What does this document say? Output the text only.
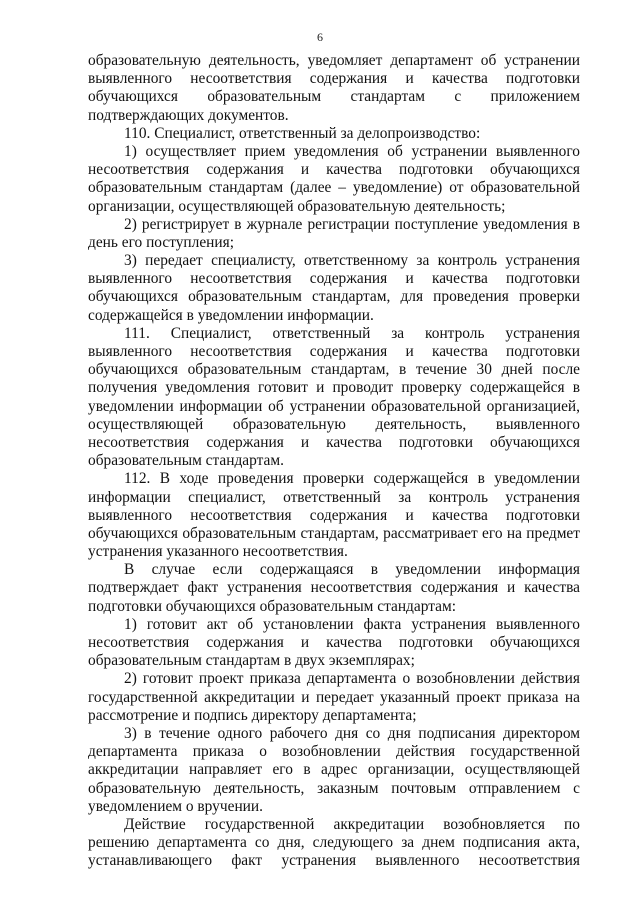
6
образовательную деятельность, уведомляет департамент об устранении
выявленного несоответствия содержания и качества подготовки
обучающихся образовательным стандартам с приложением
подтверждающих документов.
110. Специалист, ответственный за делопроизводство:
1) осуществляет прием уведомления об устранении выявленного
несоответствия содержания и качества подготовки обучающихся
образовательным стандартам (далее – уведомление) от образовательной
организации, осуществляющей образовательную деятельность;
2) регистрирует в журнале регистрации поступление уведомления в
день его поступления;
3) передает специалисту, ответственному за контроль устранения
выявленного несоответствия содержания и качества подготовки
обучающихся образовательным стандартам, для проведения проверки
содержащейся в уведомлении информации.
111. Специалист, ответственный за контроль устранения
выявленного несоответствия содержания и качества подготовки
обучающихся образовательным стандартам, в течение 30 дней после
получения уведомления готовит и проводит проверку содержащейся в
уведомлении информации об устранении образовательной организацией,
осуществляющей образовательную деятельность, выявленного
несоответствия содержания и качества подготовки обучающихся
образовательным стандартам.
112. В ходе проведения проверки содержащейся в уведомлении
информации специалист, ответственный за контроль устранения
выявленного несоответствия содержания и качества подготовки
обучающихся образовательным стандартам, рассматривает его на предмет
устранения указанного несоответствия.
В случае если содержащаяся в уведомлении информация
подтверждает факт устранения несоответствия содержания и качества
подготовки обучающихся образовательным стандартам:
1) готовит акт об установлении факта устранения выявленного
несоответствия содержания и качества подготовки обучающихся
образовательным стандартам в двух экземплярах;
2) готовит проект приказа департамента о возобновлении действия
государственной аккредитации и передает указанный проект приказа на
рассмотрение и подпись директору департамента;
3) в течение одного рабочего дня со дня подписания директором
департамента приказа о возобновлении действия государственной
аккредитации направляет его в адрес организации, осуществляющей
образовательную деятельность, заказным почтовым отправлением с
уведомлением о вручении.
Действие государственной аккредитации возобновляется по
решению департамента со дня, следующего за днем подписания акта,
устанавливающего факт устранения выявленного несоответствия
